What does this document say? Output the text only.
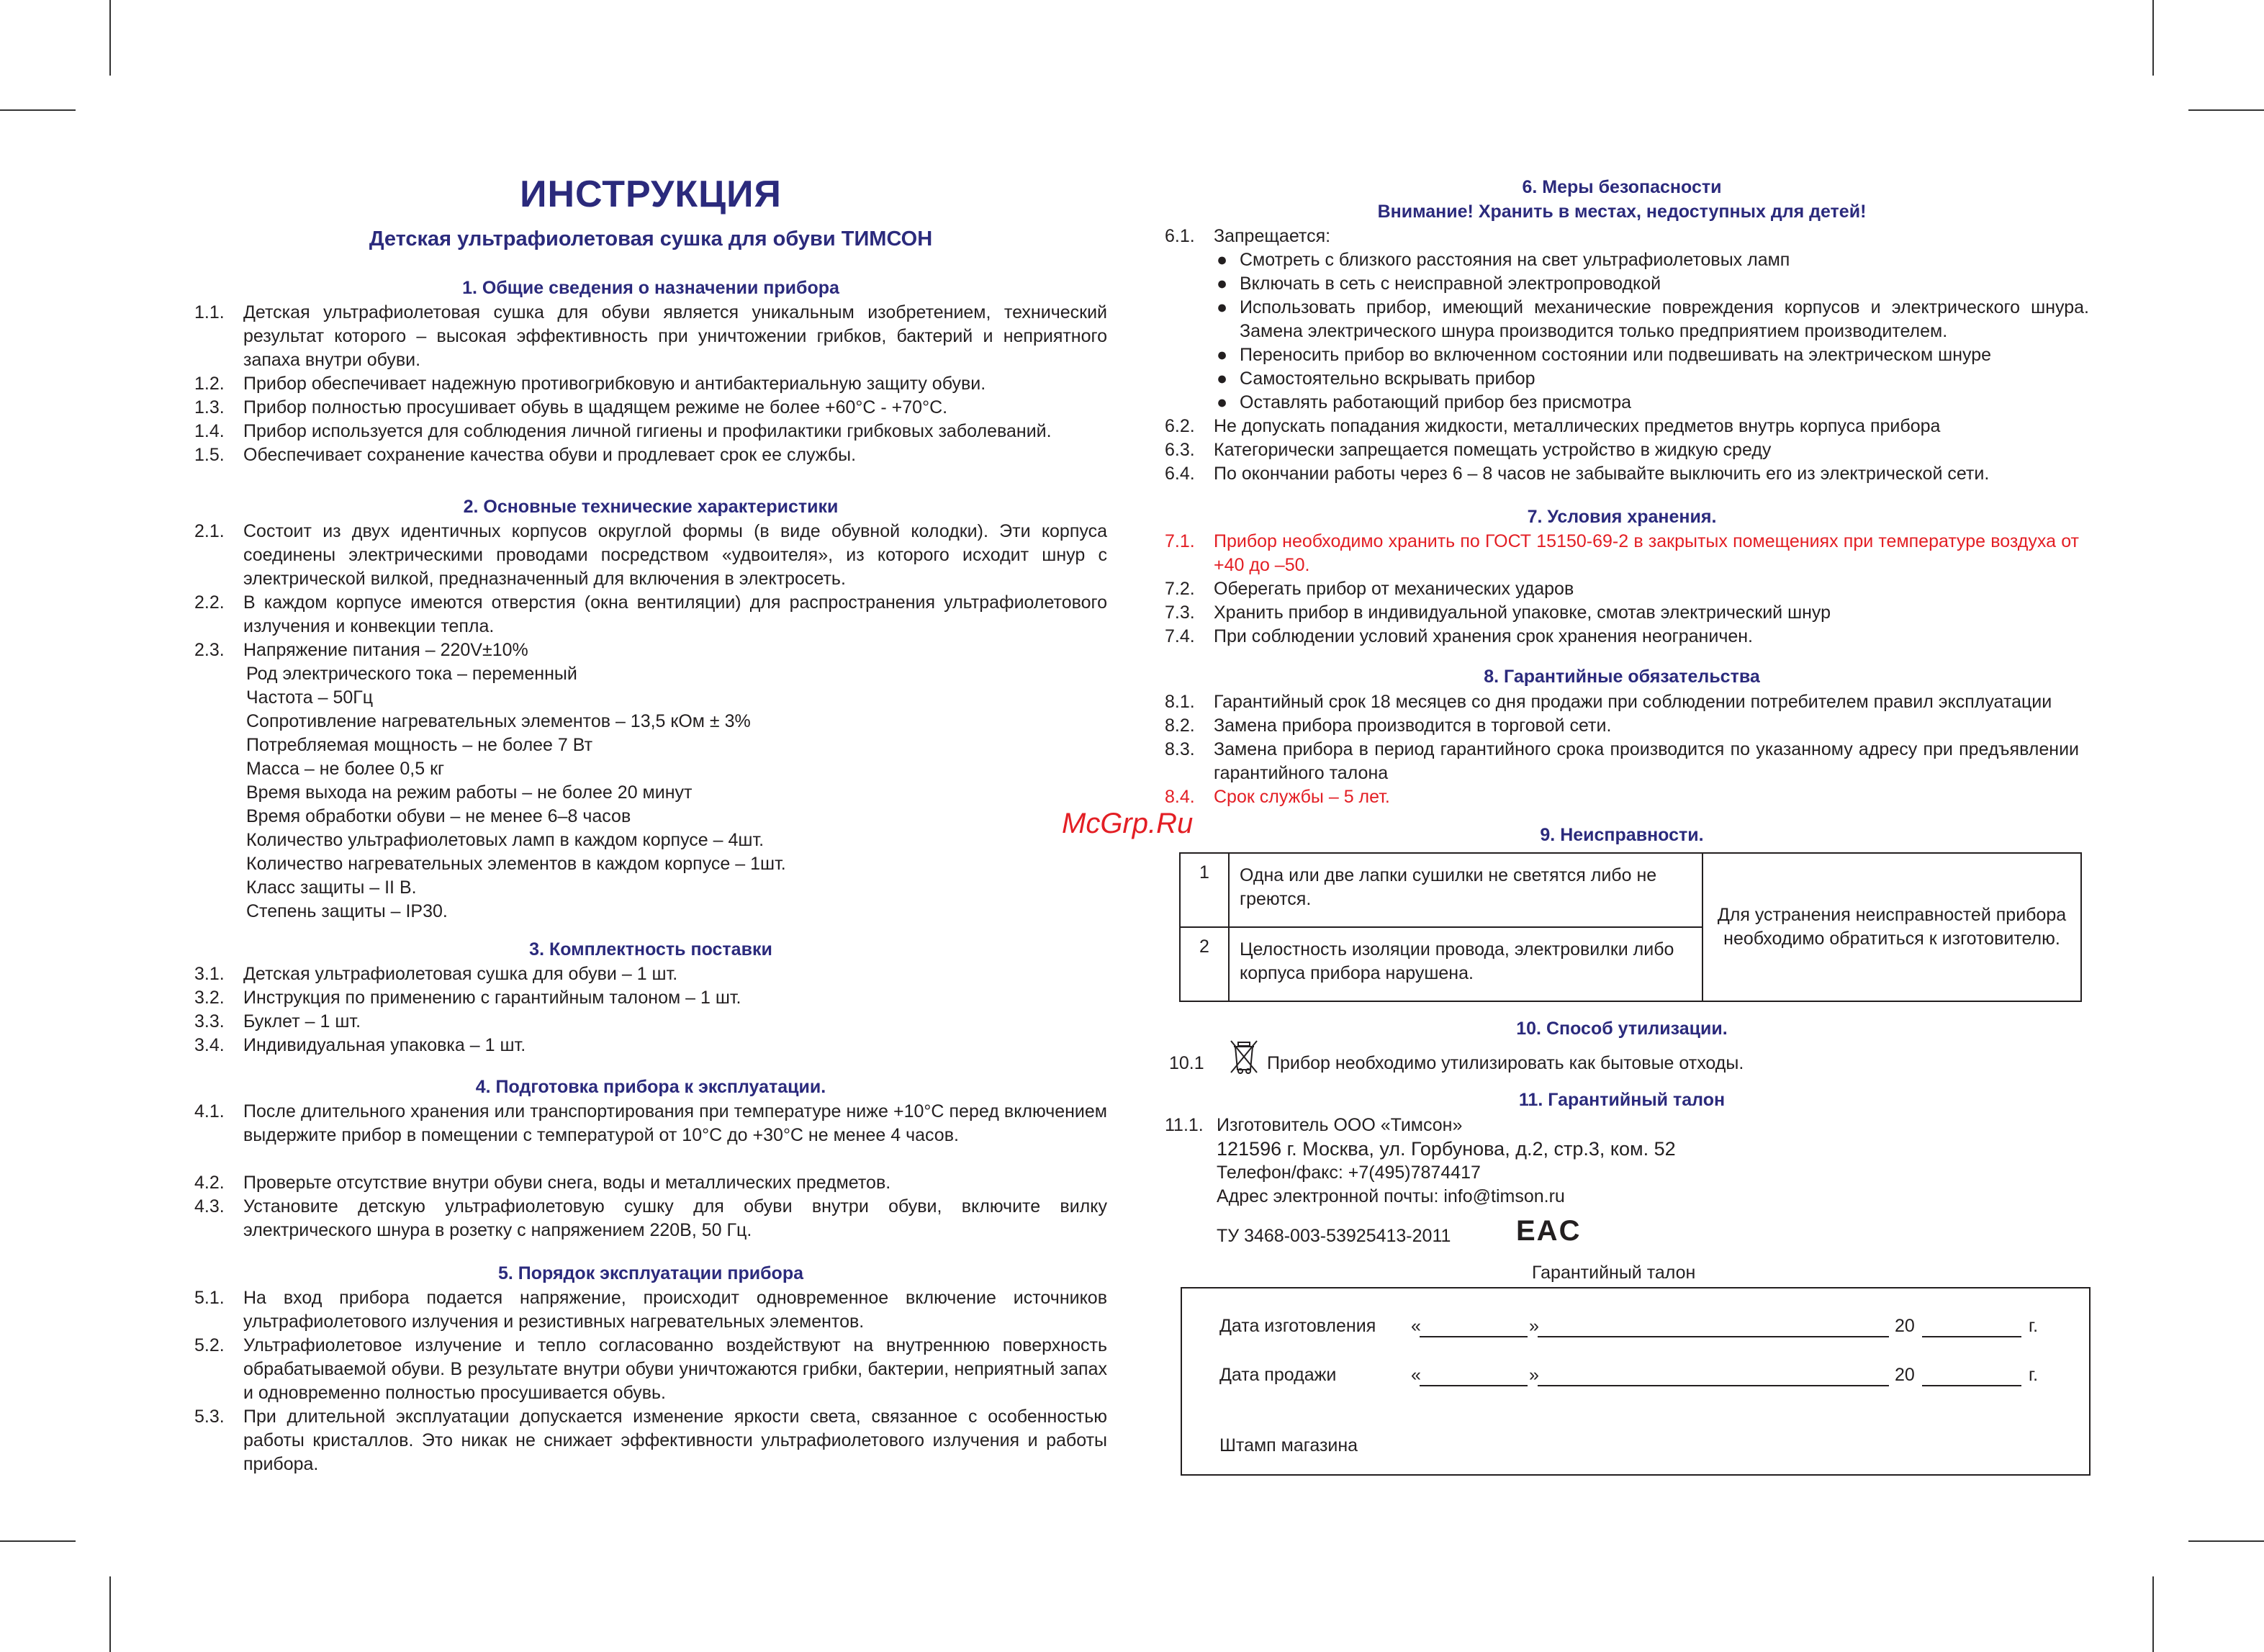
ИНСТРУКЦИЯ
Детская ультрафиолетовая сушка для обуви ТИМСОН
1. Общие сведения о назначении прибора
1.1. Детская ультрафиолетовая сушка для обуви является уникальным изобретением, технический результат которого – высокая эффективность при уничтожении грибков, бактерий и неприятного запаха внутри обуви.
1.2. Прибор обеспечивает надежную противогрибковую и антибактериальную защиту обуви.
1.3. Прибор полностью просушивает обувь в щадящем режиме не более +60°С - +70°С.
1.4. Прибор используется для соблюдения личной гигиены и профилактики грибковых заболеваний.
1.5. Обеспечивает сохранение качества обуви и продлевает срок ее службы.
2. Основные технические характеристики
2.1. Состоит из двух идентичных корпусов округлой формы (в виде обувной колодки). Эти корпуса соединены электрическими проводами посредством «удвоителя», из которого исходит шнур с электрической вилкой, предназначенный для включения в электросеть.
2.2. В каждом корпусе имеются отверстия (окна вентиляции) для распространения ультрафиолетового излучения и конвекции тепла.
2.3. Напряжение питания – 220V±10%
Род электрического тока – переменный
Частота – 50Гц
Сопротивление нагревательных элементов – 13,5 кОм ± 3%
Потребляемая мощность – не более 7 Вт
Масса – не более 0,5 кг
Время выхода на режим работы – не более 20 минут
Время обработки обуви – не менее 6–8 часов
Количество ультрафиолетовых ламп в каждом корпусе – 4шт.
Количество нагревательных элементов в каждом корпусе – 1шт.
Класс защиты – II В.
Степень защиты – IP30.
3. Комплектность поставки
3.1. Детская ультрафиолетовая сушка для обуви – 1 шт.
3.2. Инструкция по применению с гарантийным талоном – 1 шт.
3.3. Буклет – 1 шт.
3.4. Индивидуальная упаковка – 1 шт.
4. Подготовка прибора к эксплуатации.
4.1. После длительного хранения или транспортирования при температуре ниже +10°С перед включением выдержите прибор в помещении с температурой от 10°С до +30°С не менее 4 часов.
4.2. Проверьте отсутствие внутри обуви снега, воды и металлических предметов.
4.3. Установите детскую ультрафиолетовую сушку для обуви внутри обуви, включите вилку электрического шнура в розетку с напряжением 220В, 50 Гц.
5. Порядок эксплуатации прибора
5.1. На вход прибора подается напряжение, происходит одновременное включение источников ультрафиолетового излучения и резистивных нагревательных элементов.
5.2. Ультрафиолетовое излучение и тепло согласованно воздействуют на внутреннюю поверхность обрабатываемой обуви. В результате внутри обуви уничтожаются грибки, бактерии, неприятный запах и одновременно полностью просушивается обувь.
5.3. При длительной эксплуатации допускается изменение яркости света, связанное с особенностью работы кристаллов. Это никак не снижает эффективности ультрафиолетового излучения и работы прибора.
McGrp.Ru
6. Меры безопасности
Внимание! Хранить в местах, недоступных для детей!
6.1. Запрещается:
● Смотреть с близкого расстояния на свет ультрафиолетовых ламп
● Включать в сеть с неисправной электропроводкой
● Использовать прибор, имеющий механические повреждения корпусов и электрического шнура. Замена электрического шнура производится только предприятием производителем.
● Переносить прибор во включенном состоянии или подвешивать на электрическом шнуре
● Самостоятельно вскрывать прибор
● Оставлять работающий прибор без присмотра
6.2. Не допускать попадания жидкости, металлических предметов внутрь корпуса прибора
6.3. Категорически запрещается помещать устройство в жидкую среду
6.4. По окончании работы через 6 – 8 часов не забывайте выключить его из электрической сети.
7. Условия хранения.
7.1. Прибор необходимо хранить по ГОСТ 15150-69-2 в закрытых помещениях при температуре воздуха от +40 до –50.
7.2. Оберегать прибор от механических ударов
7.3. Хранить прибор в индивидуальной упаковке, смотав электрический шнур
7.4. При соблюдении условий хранения срок хранения неограничен.
8. Гарантийные обязательства
8.1. Гарантийный срок 18 месяцев со дня продажи при соблюдении потребителем правил эксплуатации
8.2. Замена прибора производится в торговой сети.
8.3. Замена прибора в период гарантийного срока производится по указанному адресу при предъявлении гарантийного талона
8.4. Срок службы – 5 лет.
9. Неисправности.
10. Способ утилизации.
10.1	Прибор необходимо утилизировать как бытовые отходы.
11. Гарантийный талон
11.1. Изготовитель ООО «Тимсон»
121596 г. Москва, ул. Горбунова, д.2, стр.3, ком. 52
Телефон/факс: +7(495)7874417
Адрес электронной почты: info@timson.ru
ТУ 3468-003-53925413-2011 EAC
Гарантийный талон
1	Одна или две лапки сушилки не светятся либо не греются.	Для устранения неисправностей прибора необходимо обратиться к изготовителю.
2	Целостность изоляции провода, электровилки либо корпуса прибора нарушена.	
Дата изготовления «	»	20	г.
Дата продажи	«	»	20	г.
Штамп магазина
